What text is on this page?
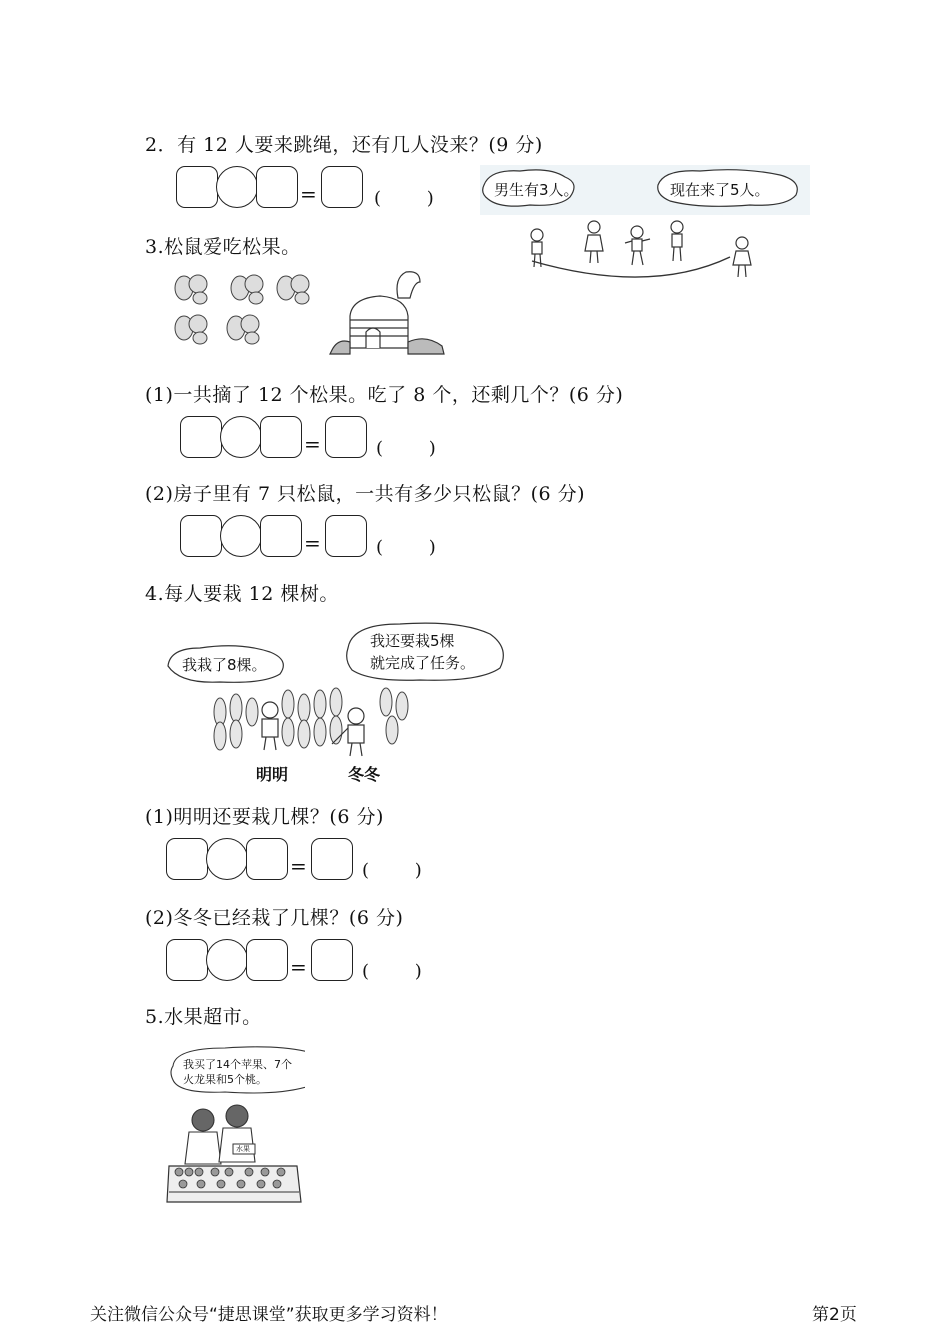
2．有 12 人要来跳绳，还有几人没来？(9 分)
=	(        )	男生有3人。	现在来了5人。
3.松鼠爱吃松果。
(1)一共摘了 12 个松果。吃了 8 个，还剩几个？(6 分)
=	(        )
(2)房子里有 7 只松鼠，一共有多少只松鼠？(6 分)
=	(        )
4.每人要栽 12 棵树。
我栽了8棵。
我还要栽5棵
就完成了任务。
明明	冬冬
(1)明明还要栽几棵？(6 分)
=	(        )
(2)冬冬已经栽了几棵？(6 分)
=	(        )
5.水果超市。
我买了14个苹果、7个
火龙果和5个桃。
水果
关注微信公众号“捷思课堂”获取更多学习资料！	第2页
